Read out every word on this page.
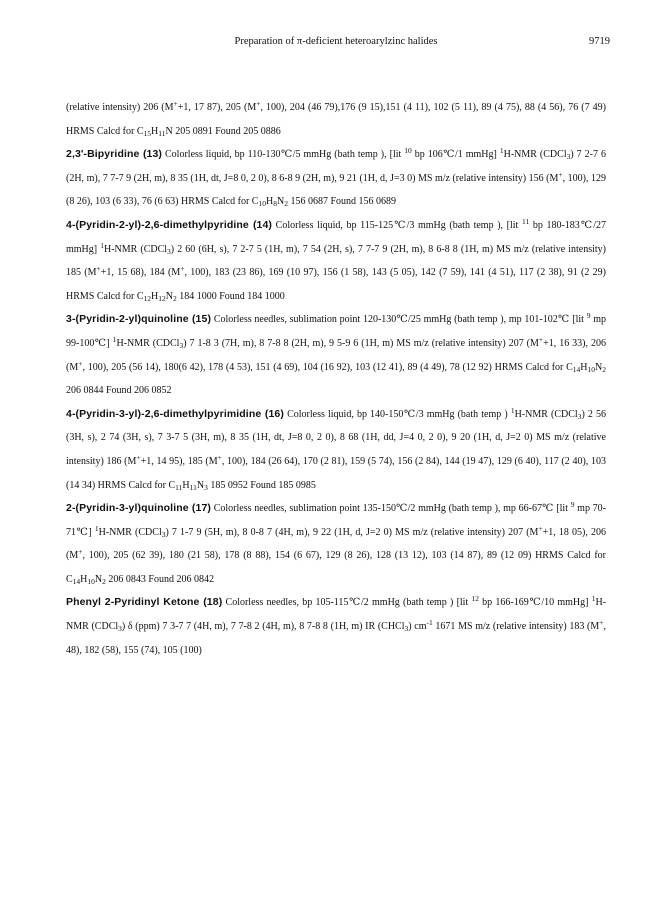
Preparation of π-deficient heteroarylzinc halides	9719

(relative intensity) 206 (M++1, 17 87), 205 (M+, 100), 204 (46 79),176 (9 15),151 (4 11), 102 (5 11), 89 (4 75), 88 (4 56), 76 (7 49) HRMS Calcd for $C_{15}H_{11}N$ 205 0891 Found 205 0886

2,3'-Bipyridine (13) Colorless liquid, bp 110-130℃/5 mmHg (bath temp ), [lit $^{10}$ bp 106℃/1 mmHg] $^1$H-NMR (CDCl$_3$) 7 2-7 6 (2H, m), 7 7-7 9 (2H, m), 8 35 (1H, dt, J=8 0, 2 0), 8 6-8 9 (2H, m), 9 21 (1H, d, J=3 0) MS m/z (relative intensity) 156 (M+, 100), 129 (8 26), 103 (6 33), 76 (6 63) HRMS Calcd for $C_{10}H_8N_2$ 156 0687 Found 156 0689

4-(Pyridin-2-yl)-2,6-dimethylpyridine (14) Colorless liquid, bp 115-125℃/3 mmHg (bath temp ), [lit $^{11}$ bp 180-183℃/27 mmHg] $^1$H-NMR (CDCl$_3$) 2 60 (6H, s), 7 2-7 5 (1H, m), 7 54 (2H, s), 7 7-7 9 (2H, m), 8 6-8 8 (1H, m) MS m/z (relative intensity) 185 (M++1, 15 68), 184 (M+, 100), 183 (23 86), 169 (10 97), 156 (1 58), 143 (5 05), 142 (7 59), 141 (4 51), 117 (2 38), 91 (2 29) HRMS Calcd for $C_{12}H_{12}N_2$ 184 1000 Found 184 1000

3-(Pyridin-2-yl)quinoline (15) Colorless needles, sublimation point 120-130℃/25 mmHg (bath temp ), mp 101-102℃ [lit $^9$ mp 99-100℃] $^1$H-NMR (CDCl$_3$) 7 1-8 3 (7H, m), 8 7-8 8 (2H, m), 9 5-9 6 (1H, m) MS m/z (relative intensity) 207 (M++1, 16 33), 206 (M+, 100), 205 (56 14), 180(6 42), 178 (4 53), 151 (4 69), 104 (16 92), 103 (12 41), 89 (4 49), 78 (12 92) HRMS Calcd for $C_{14}H_{10}N_2$ 206 0844 Found 206 0852

4-(Pyridin-3-yl)-2,6-dimethylpyrimidine (16) Colorless liquid, bp 140-150℃/3 mmHg (bath temp ) $^1$H-NMR (CDCl$_3$) 2 56 (3H, s), 2 74 (3H, s), 7 3-7 5 (3H, m), 8 35 (1H, dt, J=8 0, 2 0), 8 68 (1H, dd, J=4 0, 2 0), 9 20 (1H, d, J=2 0) MS m/z (relative intensity) 186 (M++1, 14 95), 185 (M+, 100), 184 (26 64), 170 (2 81), 159 (5 74), 156 (2 84), 144 (19 47), 129 (6 40), 117 (2 40), 103 (14 34) HRMS Calcd for $C_{11}H_{11}N_3$ 185 0952 Found 185 0985

2-(Pyridin-3-yl)quinoline (17) Colorless needles, sublimation point 135-150℃/2 mmHg (bath temp ), mp 66-67℃ [lit $^9$ mp 70-71℃] $^1$H-NMR (CDCl$_3$) 7 1-7 9 (5H, m), 8 0-8 7 (4H, m), 9 22 (1H, d, J=2 0) MS m/z (relative intensity) 207 (M++1, 18 05), 206 (M+, 100), 205 (62 39), 180 (21 58), 178 (8 88), 154 (6 67), 129 (8 26), 128 (13 12), 103 (14 87), 89 (12 09) HRMS Calcd for $C_{14}H_{10}N_2$ 206 0843 Found 206 0842

Phenyl 2-Pyridinyl Ketone (18) Colorless needles, bp 105-115℃/2 mmHg (bath temp ) [lit $^{12}$ bp 166-169℃/10 mmHg] $^1$H-NMR (CDCl$_3$) δ (ppm) 7 3-7 7 (4H, m), 7 7-8 2 (4H, m), 8 7-8 8 (1H, m) IR (CHCl$_3$) $cm^{-1}$ 1671 MS m/z (relative intensity) 183 (M+, 48), 182 (58), 155 (74), 105 (100)
